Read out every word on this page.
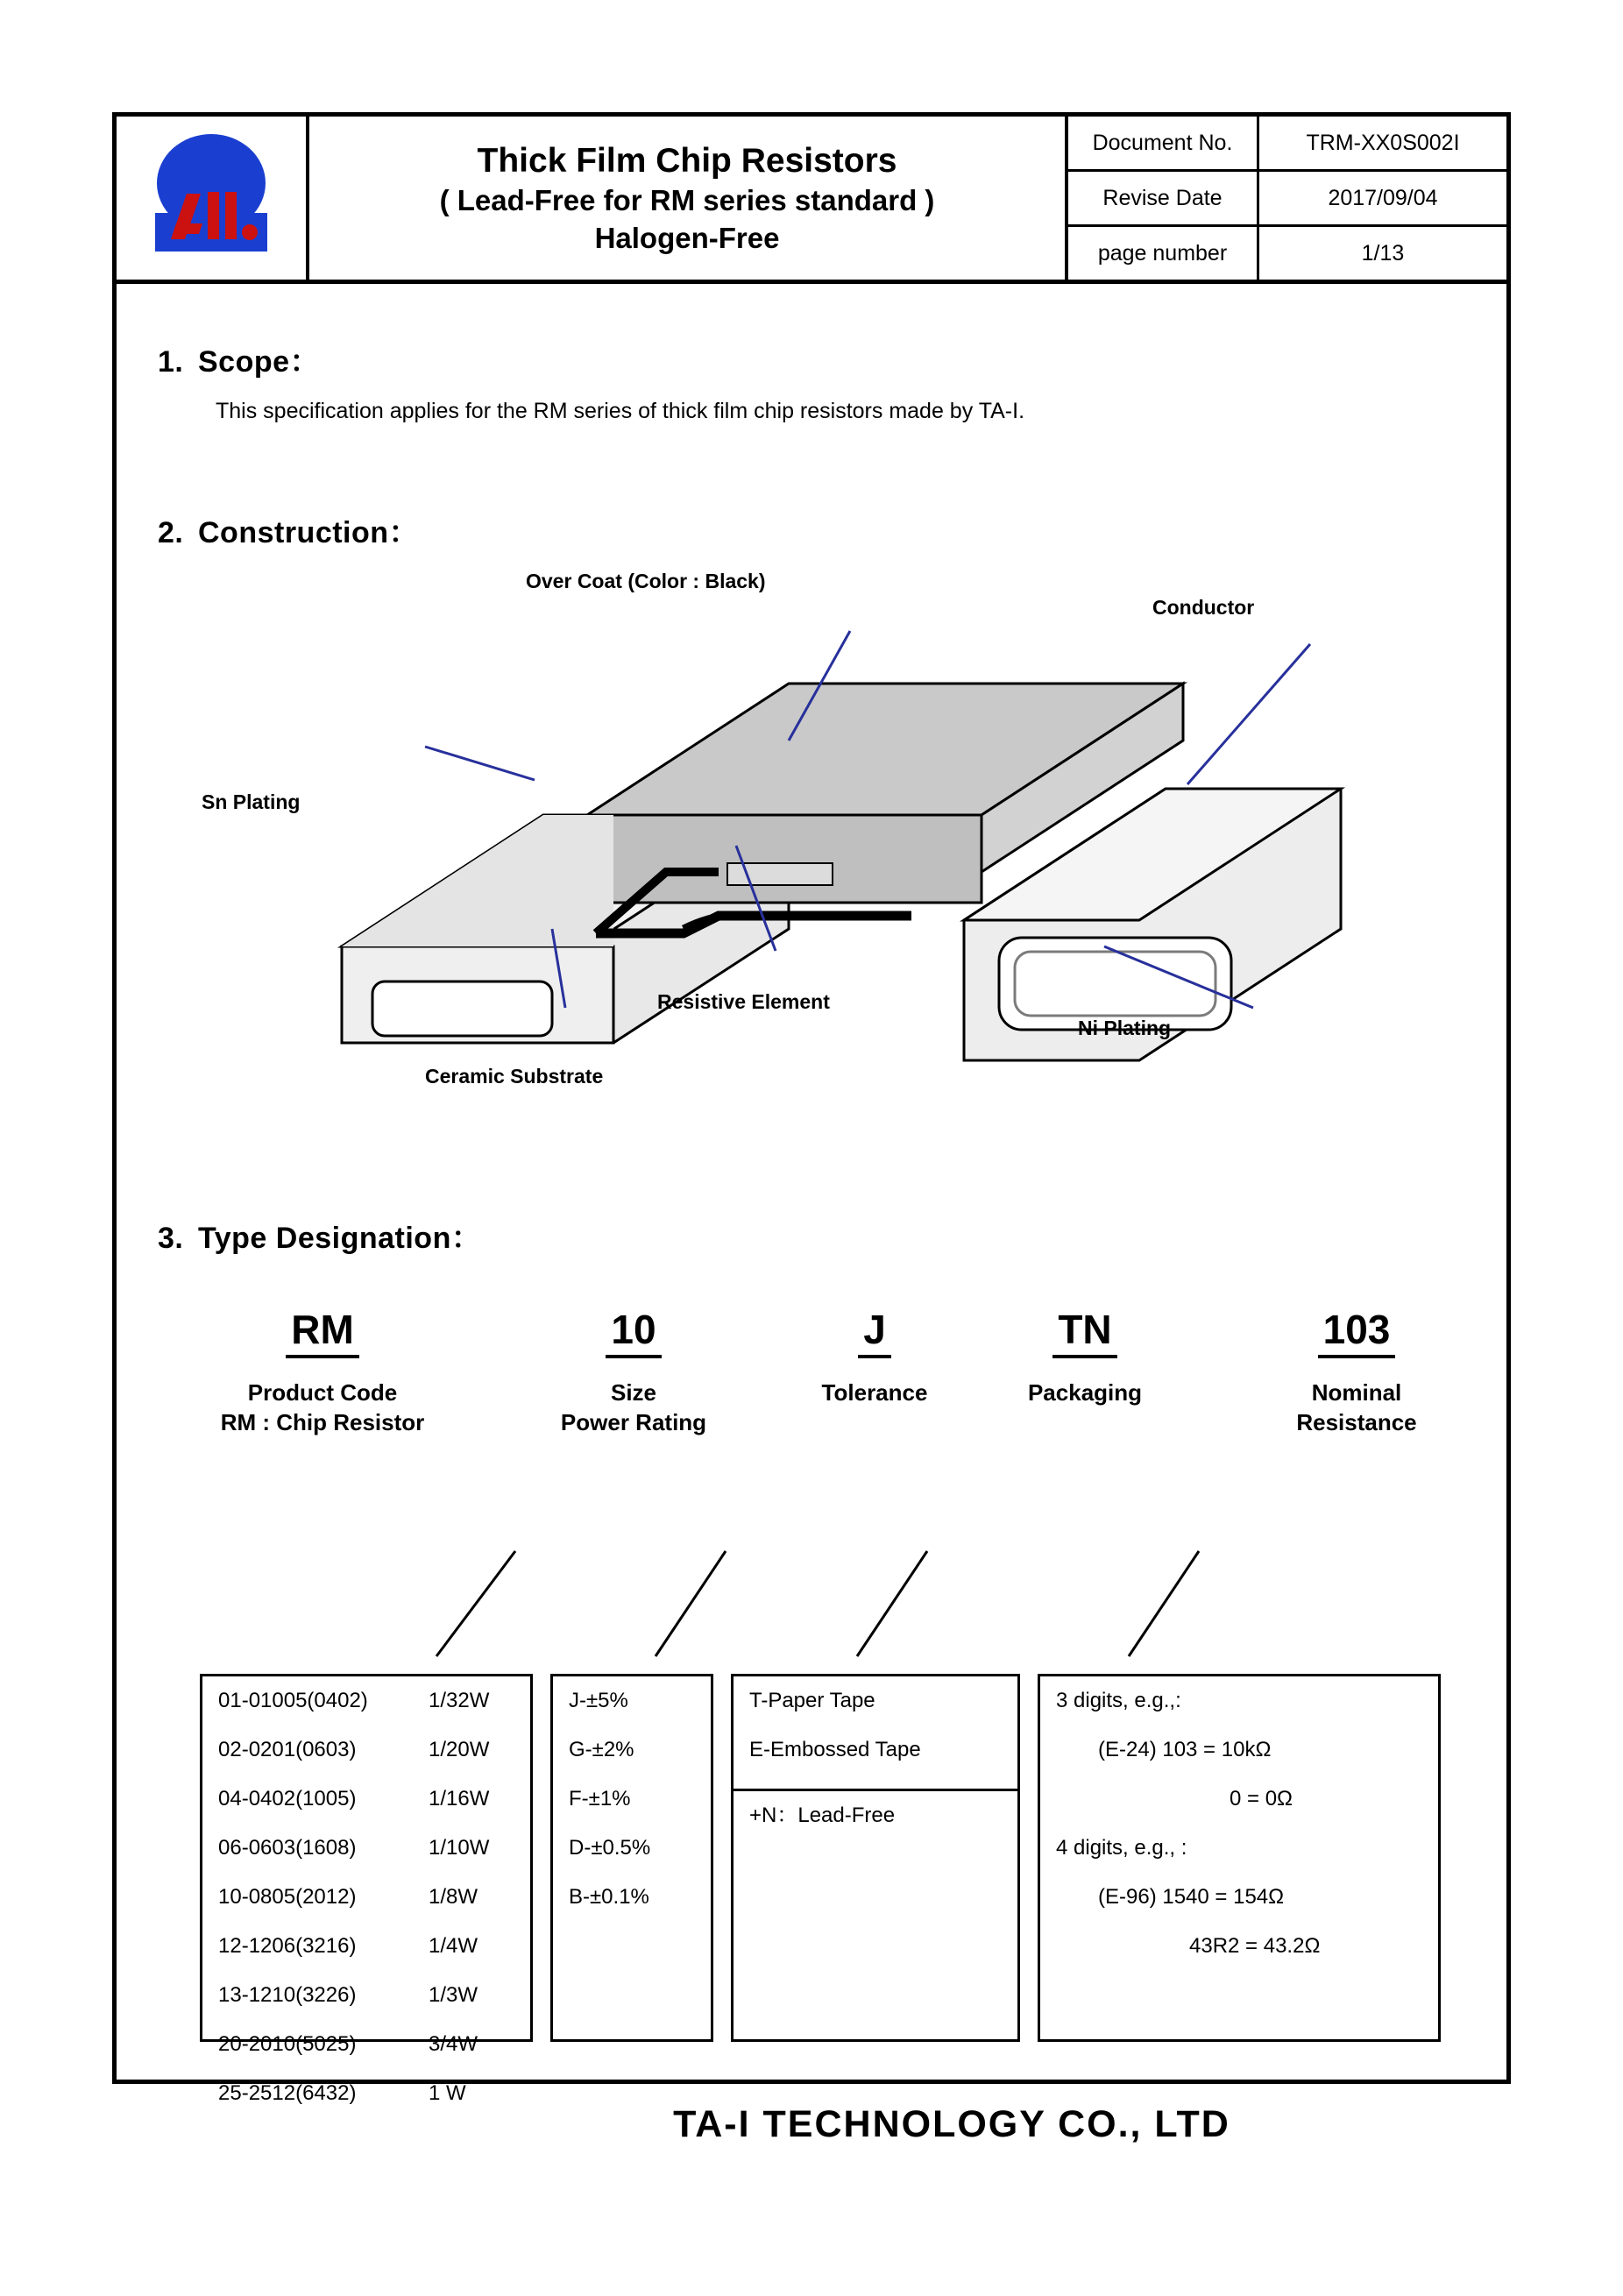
Thick Film Chip Resistors
( Lead-Free for RM series standard )
Halogen-Free
Document No.	TRM-XX0S002I
Revise Date	2017/09/04
page number	1/13
1. Scope：
This specification applies for the RM series of thick film chip resistors made by TA-I.
2. Construction：
Over Coat (Color : Black)
Conductor
Sn Plating
Resistive Element
Ni Plating
Ceramic Substrate
3. Type Designation：
RM
Product Code
RM : Chip Resistor
10
Size
Power Rating
J
Tolerance
TN
Packaging
103
Nominal
Resistance
01-01005(0402)	1/32W
02-0201(0603)	1/20W
04-0402(1005)	1/16W
06-0603(1608)	1/10W
10-0805(2012)	1/8W
12-1206(3216)	1/4W
13-1210(3226)	1/3W
20-2010(5025)	3/4W
25-2512(6432)	1 W
J-±5%
G-±2%
F-±1%
D-±0.5%
B-±0.1%
T-Paper Tape
E-Embossed Tape
+N：Lead-Free
3 digits, e.g.,:
(E-24) 103 = 10kΩ
0 = 0Ω
4 digits, e.g., :
(E-96) 1540 = 154Ω
43R2 = 43.2Ω
TA-I TECHNOLOGY CO., LTD
